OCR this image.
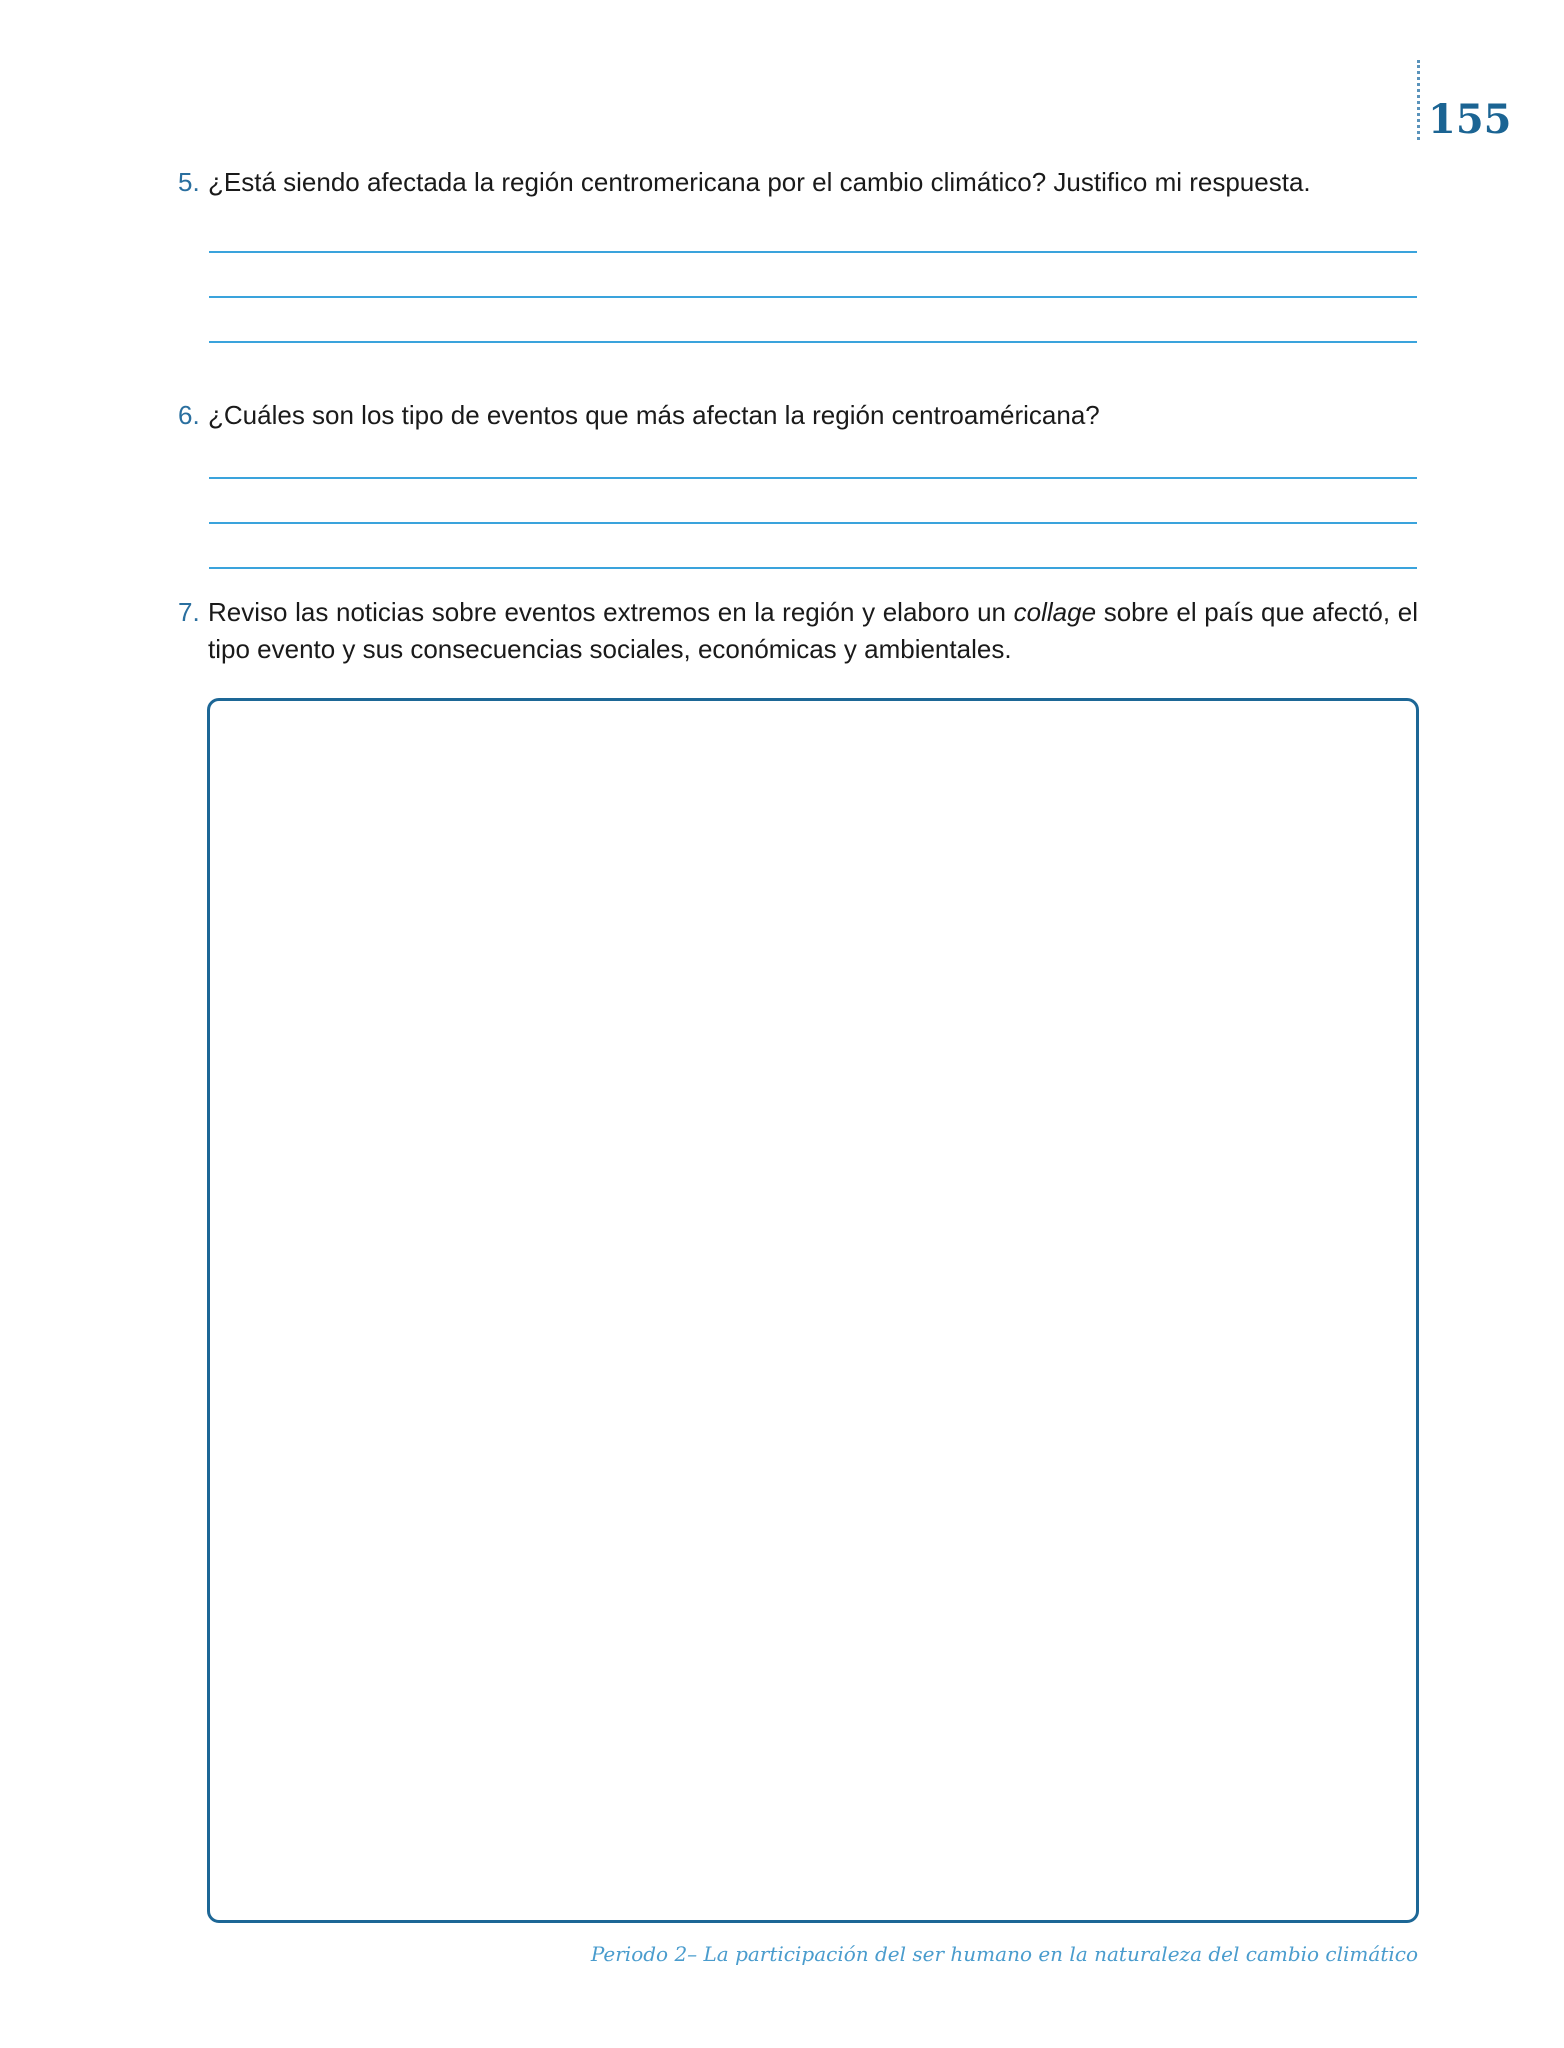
155
5. ¿Está siendo afectada la región centromericana por el cambio climático? Justifico mi respuesta.
6. ¿Cuáles son los tipo de eventos que más afectan la región centroaméricana?
7. Reviso las noticias sobre eventos extremos en la región y elaboro un collage sobre el país que afectó, el tipo evento y sus consecuencias sociales, económicas y ambientales.
Periodo 2– La participación del ser humano en la naturaleza del cambio climático
